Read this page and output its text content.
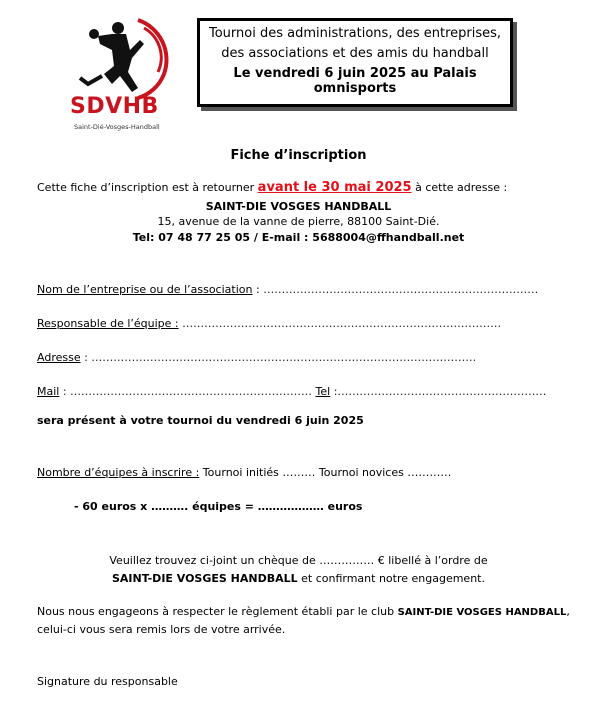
SDVHB
Saint-Dié-Vosges-Handball
Tournoi des administrations, des entreprises,
des associations et des amis du handball
Le vendredi 6 juin 2025 au Palais omnisports
Fiche d’inscription
Cette fiche d’inscription est à retourner avant le 30 mai 2025 à cette adresse :
SAINT-DIE VOSGES HANDBALL
15, avenue de la vanne de pierre, 88100 Saint-Dié.
Tel: 07 48 77 25 05 / E-mail : 5688004@ffhandball.net
Nom de l’entreprise ou de l’association : …………………………………………………………………
Responsable de l’équipe : ……………………………………………………………………………
Adresse : ……………………………………………………………………………………………
Mail : ………………………………………………………… Tel :…………………………………………………
sera présent à votre tournoi du vendredi 6 juin 2025
Nombre d’équipes à inscrire : Tournoi initiés ……… Tournoi novices …………
- 60 euros x ………. équipes = ……………… euros
Veuillez trouvez ci-joint un chèque de …………… € libellé à l’ordre de
SAINT-DIE VOSGES HANDBALL et confirmant notre engagement.
Nous nous engageons à respecter le règlement établi par le club SAINT-DIE VOSGES HANDBALL,
celui-ci vous sera remis lors de votre arrivée.
Signature du responsable
